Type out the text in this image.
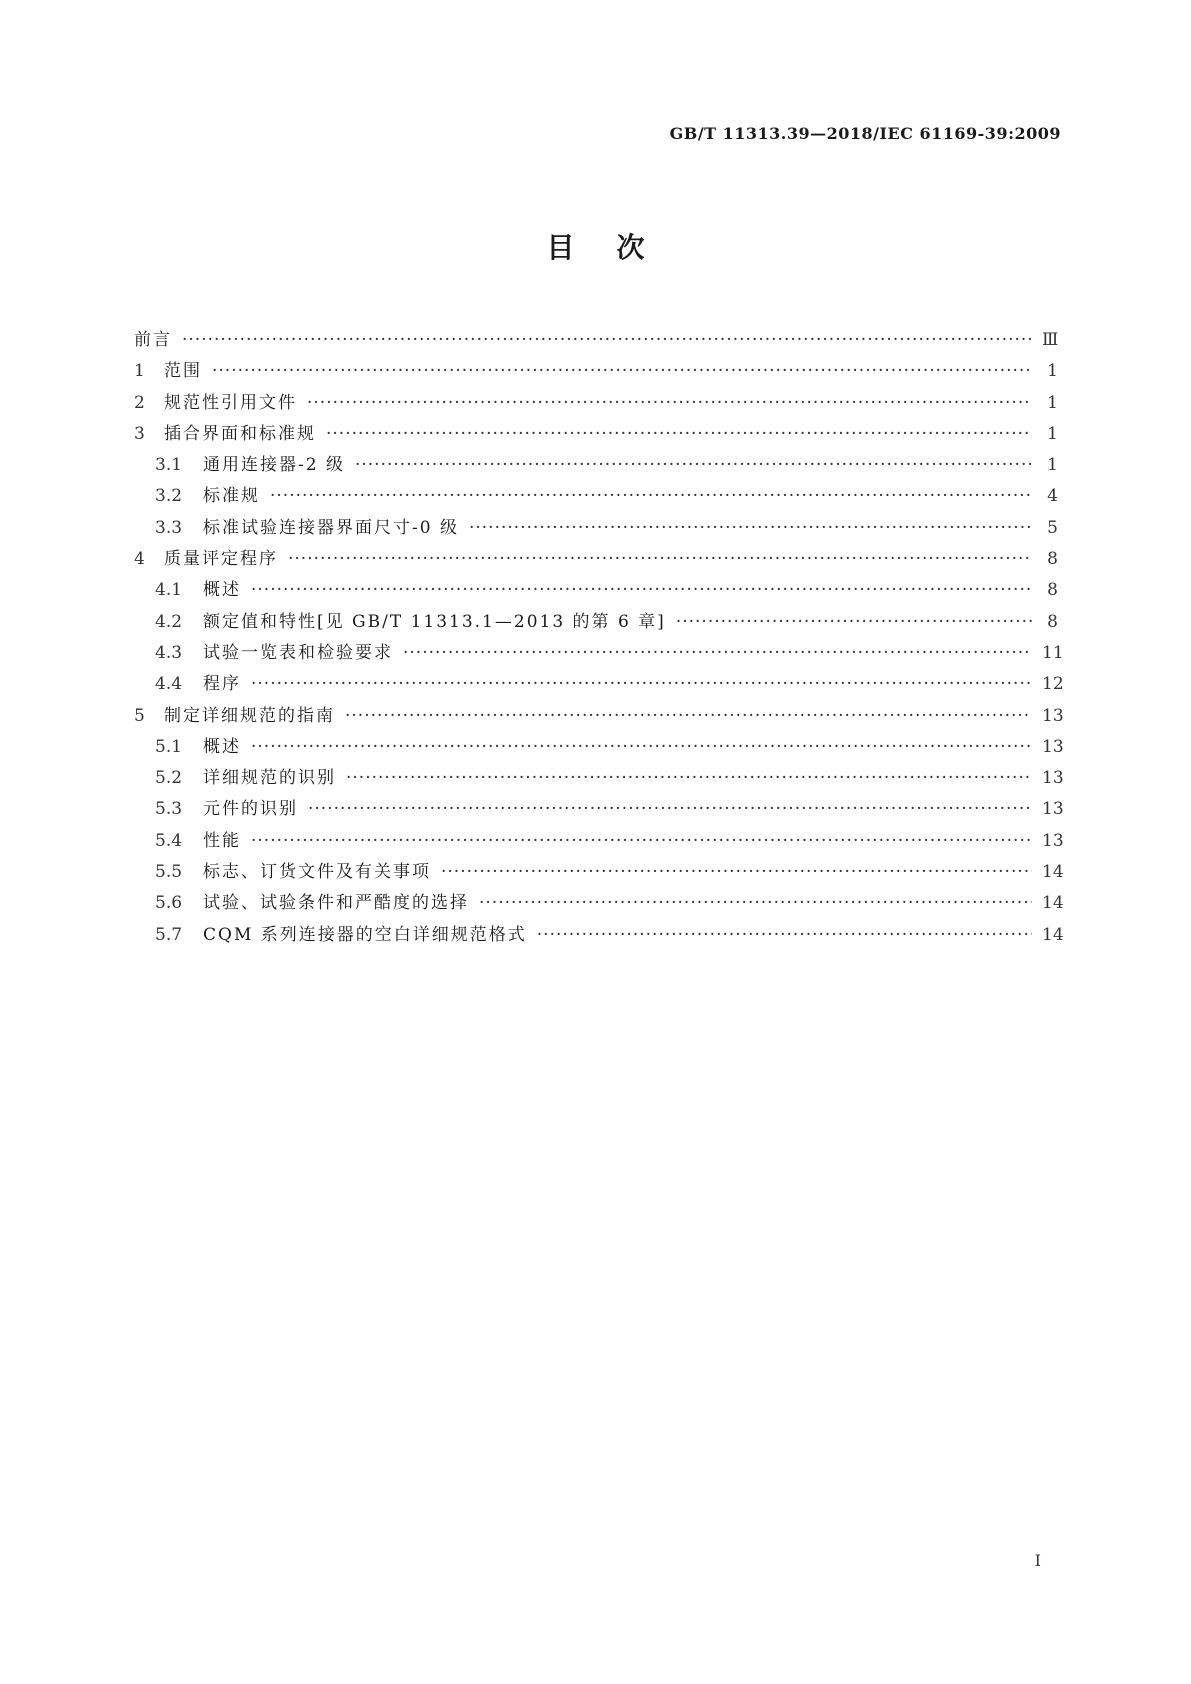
GB/T 11313.39—2018/IEC 61169-39:2009
目次
前言 ·····	Ⅲ
1	范围 ·····	1
2	规范性引用文件 ·····	1
3	插合界面和标准规 ·····	1
3.1	通用连接器-2 级 ·····	1
3.2	标准规 ·····	4
3.3	标准试验连接器界面尺寸-0 级 ·····	5
4	质量评定程序 ·····	8
4.1	概述 ·····	8
4.2	额定值和特性[见 GB/T 11313.1—2013 的第 6 章] ·····	8
4.3	试验一览表和检验要求 ·····	11
4.4	程序 ·····	12
5	制定详细规范的指南 ·····	13
5.1	概述 ·····	13
5.2	详细规范的识别 ·····	13
5.3	元件的识别 ·····	13
5.4	性能 ·····	13
5.5	标志、订货文件及有关事项 ·····	14
5.6	试验、试验条件和严酷度的选择 ·····	14
5.7	CQM 系列连接器的空白详细规范格式 ·····	14
I
